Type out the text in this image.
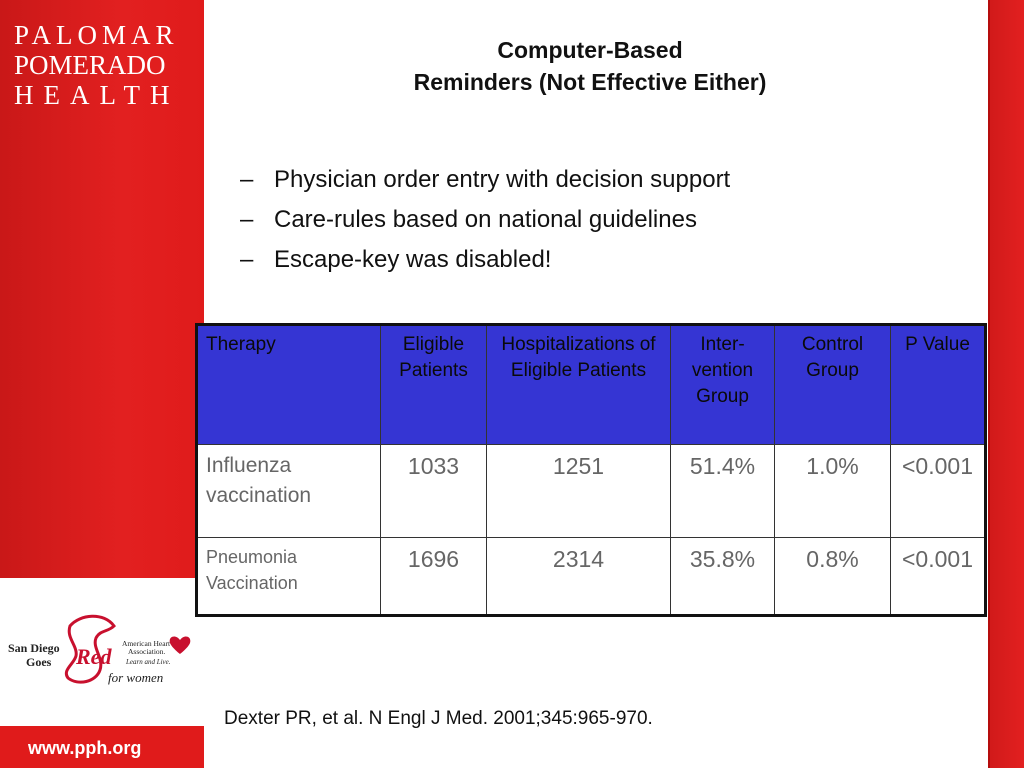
PALOMAR
POMERADO
HEALTH
Computer-Based
Reminders (Not Effective Either)
– Physician order entry with decision support
– Care-rules based on national guidelines
– Escape-key was disabled!
Therapy	Eligible Patients	Hospitalizations of Eligible Patients	Inter-vention Group	Control Group	P Value
Influenza vaccination	1033	1251	51.4%	1.0%	<0.001
Pneumonia Vaccination	1696	2314	35.8%	0.8%	<0.001
San Diego
Goes Red
American Heart
Association.
Learn and Live.
for women
Dexter PR, et al. N Engl J Med. 2001;345:965-970.
www.pph.org
